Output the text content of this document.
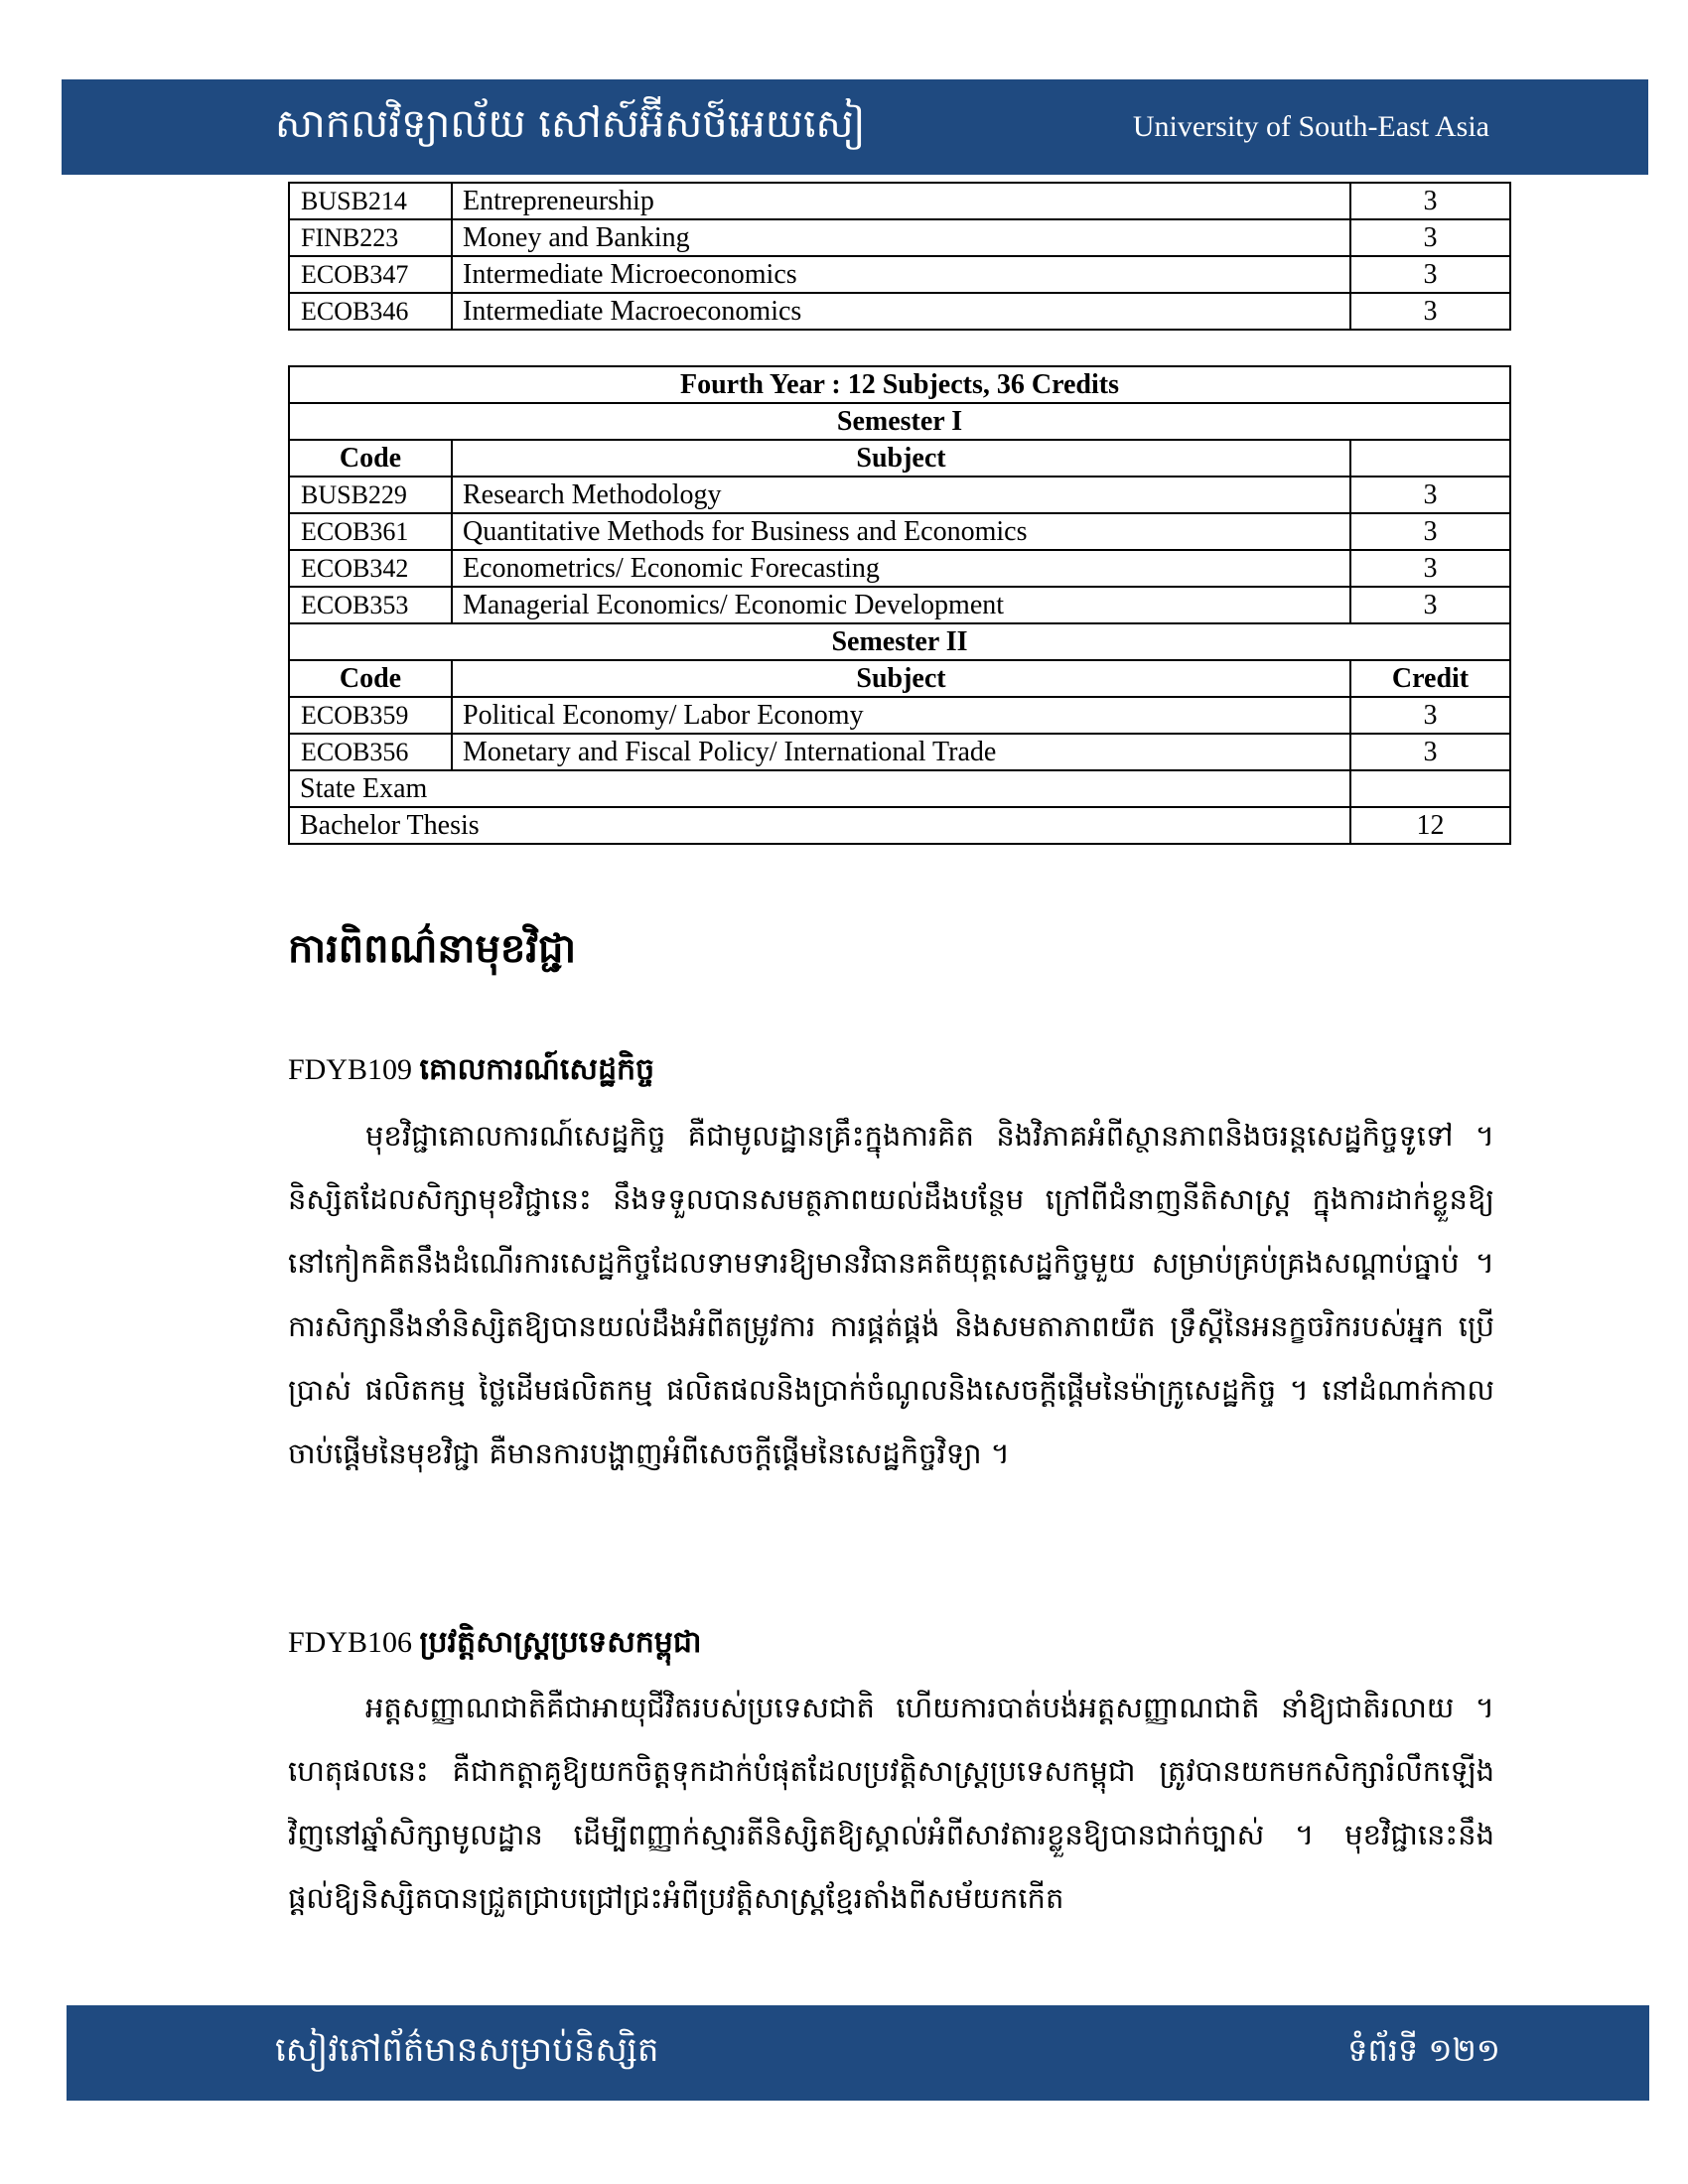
សាកលវិទ្យាល័យ សៅស៍អ៊ីសថ៍អេយសៀ	University of South-East Asia
BUSB214	Entrepreneurship	3
FINB223	Money and Banking	3
ECOB347	Intermediate Microeconomics	3
ECOB346	Intermediate Macroeconomics	3
Fourth Year : 12 Subjects, 36 Credits		
Semester I		
Code	Subject	
BUSB229	Research Methodology	3
ECOB361	Quantitative Methods for Business and Economics	3
ECOB342	Econometrics/ Economic Forecasting	3
ECOB353	Managerial Economics/ Economic Development	3
Semester II		
Code	Subject	Credit
ECOB359	Political Economy/ Labor Economy	3
ECOB356	Monetary and Fiscal Policy/ International Trade	3
State Exam		
Bachelor Thesis		12
ការពិពណ៌នាមុខវិជ្ជា
FDYB109 គោលការណ៍សេដ្ឋកិច្ច

មុខវិជ្ជាគោលការណ៍សេដ្ឋកិច្ច គឺជាមូលដ្ឋានគ្រឹះក្នុងការគិត និងវិភាគអំពីស្ថានភាពនិងចរន្តសេដ្ឋកិច្ចទូទៅ ។ និស្សិតដែលសិក្សាមុខវិជ្ជានេះ នឹងទទួលបានសមត្ថភាពយល់ដឹងបន្ថែម ក្រៅពីជំនាញនីតិសាស្ត្រ ក្នុងការដាក់ខ្លួនឱ្យនៅកៀកគិតនឹងដំណើរការសេដ្ឋកិច្ចដែលទាមទារឱ្យមានវិធានគតិយុត្តសេដ្ឋកិច្ចមួយ សម្រាប់គ្រប់គ្រងសណ្តាប់ធ្នាប់ ។ ការសិក្សានឹងនាំនិស្សិតឱ្យបានយល់ដឹងអំពីតម្រូវការ ការផ្គត់ផ្គង់ និងសមតាភាពយឺត ទ្រឹស្តីនៃអនក្ខចរិករបស់អ្នក ប្រើប្រាស់ ផលិតកម្ម ថ្លៃដើមផលិតកម្ម ផលិតផលនិងប្រាក់ចំណូលនិងសេចក្តីផ្តើមនៃម៉ាក្រូសេដ្ឋកិច្ច ។ នៅដំណាក់កាលចាប់ផ្តើមនៃមុខវិជ្ជា គឺមានការបង្ហាញអំពីសេចក្តីផ្តើមនៃសេដ្ឋកិច្ចវិទ្យា ។

FDYB106 ប្រវត្តិសាស្ត្រប្រទេសកម្ពុជា

អត្តសញ្ញាណជាតិគឺជាអាយុជីវិតរបស់ប្រទេសជាតិ ហើយការបាត់បង់អត្តសញ្ញាណជាតិ នាំឱ្យជាតិរលាយ ។ ហេតុផលនេះ គឺជាកត្តាគូឱ្យយកចិត្តទុកដាក់បំផុតដែលប្រវត្តិសាស្ត្រប្រទេសកម្ពុជា ត្រូវបានយកមកសិក្សារំលឹកឡើងវិញនៅឆ្នាំសិក្សាមូលដ្ឋាន ដើម្បីពញ្ញាក់ស្មារតីនិស្សិតឱ្យស្គាល់អំពីសាវតារខ្លួនឱ្យបានជាក់ច្បាស់ ។ មុខវិជ្ជានេះនឹងផ្តល់ឱ្យនិស្សិតបានជ្រួតជ្រាបជ្រៅជ្រះអំពីប្រវត្តិសាស្ត្រខ្មែរតាំងពីសម័យកកើត

សៀវភៅព័ត៌មានសម្រាប់និស្សិត	ទំព័រទី ១២១
